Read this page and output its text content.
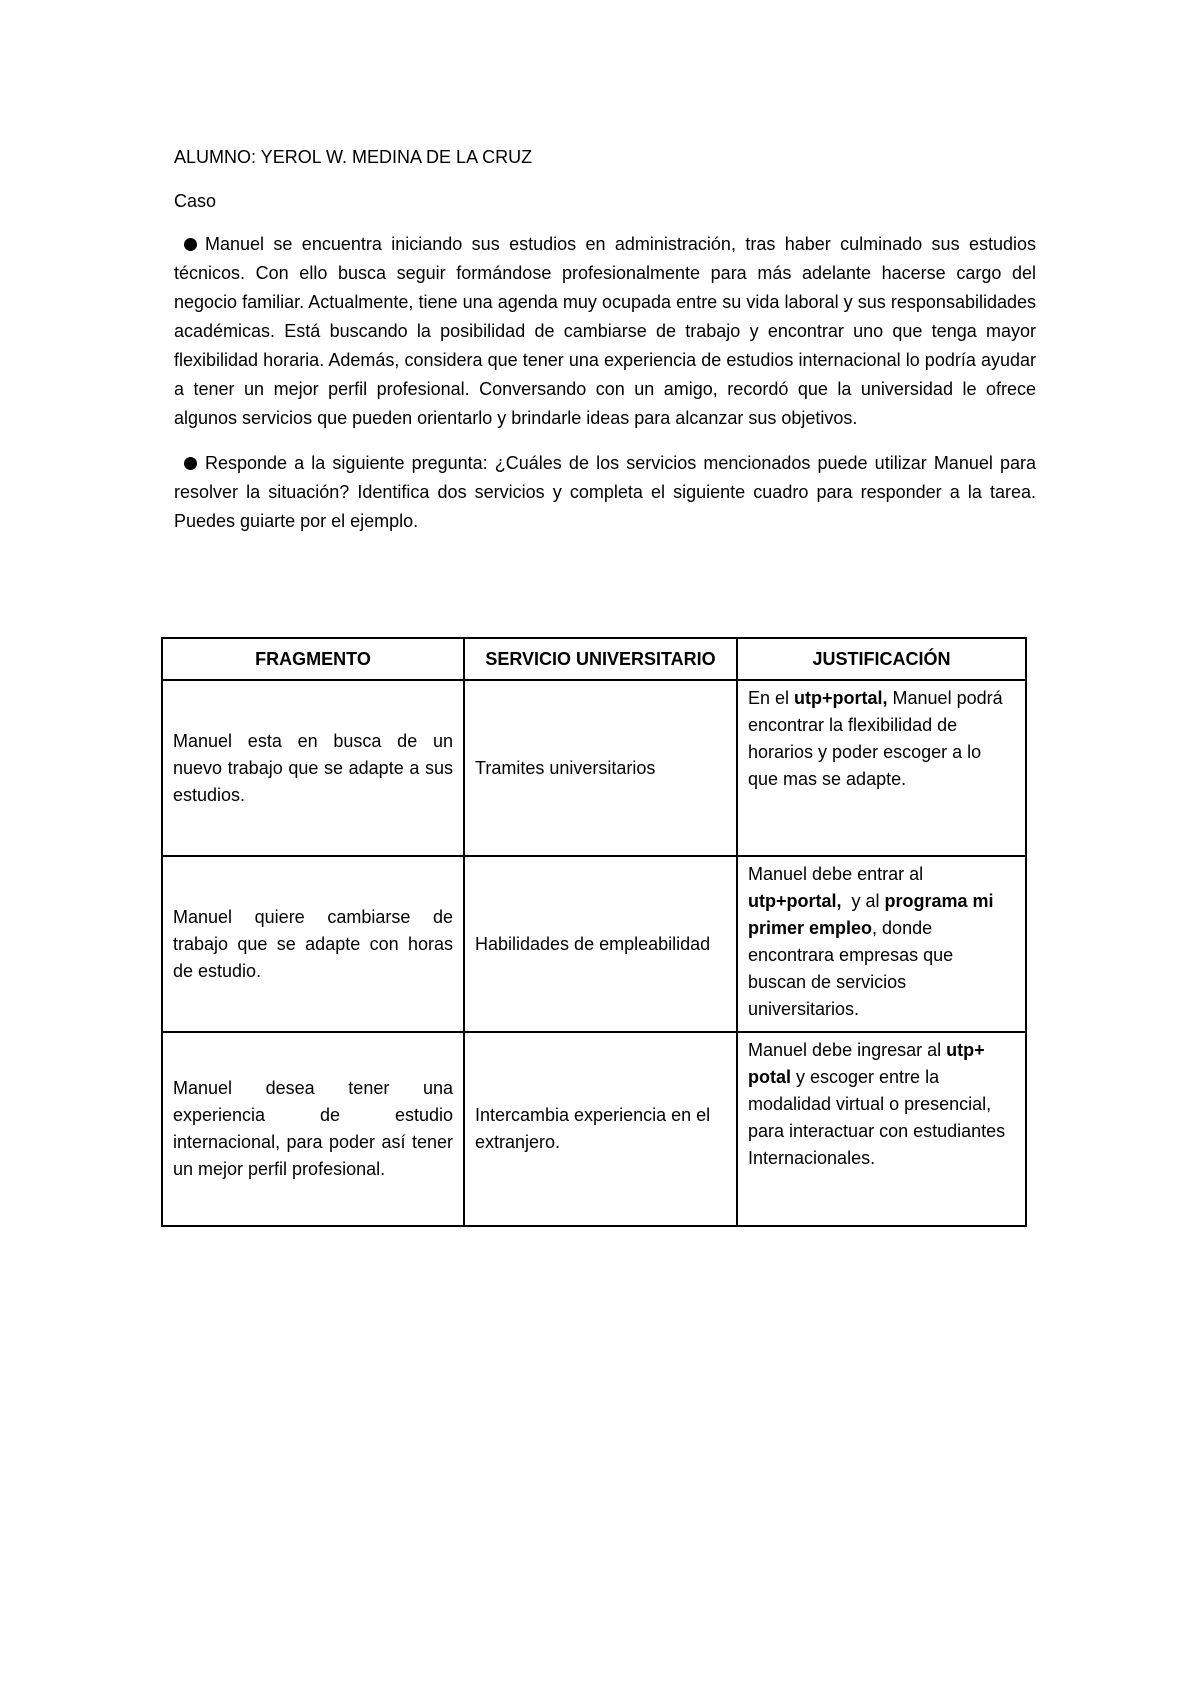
ALUMNO: YEROL W. MEDINA DE LA CRUZ

Caso

Manuel se encuentra iniciando sus estudios en administración, tras haber culminado sus estudios técnicos. Con ello busca seguir formándose profesionalmente para más adelante hacerse cargo del negocio familiar. Actualmente, tiene una agenda muy ocupada entre su vida laboral y sus responsabilidades académicas. Está buscando la posibilidad de cambiarse de trabajo y encontrar uno que tenga mayor flexibilidad horaria. Además, considera que tener una experiencia de estudios internacional lo podría ayudar a tener un mejor perfil profesional. Conversando con un amigo, recordó que la universidad le ofrece algunos servicios que pueden orientarlo y brindarle ideas para alcanzar sus objetivos.

Responde a la siguiente pregunta: ¿Cuáles de los servicios mencionados puede utilizar Manuel para resolver la situación? Identifica dos servicios y completa el siguiente cuadro para responder a la tarea. Puedes guiarte por el ejemplo.

FRAGMENTO	SERVICIO UNIVERSITARIO	JUSTIFICACIÓN
Manuel esta en busca de un nuevo trabajo que se adapte a sus estudios.	Tramites universitarios	En el utp+portal, Manuel podrá encontrar la flexibilidad de horarios y poder escoger a lo que mas se adapte.
Manuel quiere cambiarse de trabajo que se adapte con horas de estudio.	Habilidades de empleabilidad	Manuel debe entrar al utp+portal,  y al programa mi primer empleo, donde encontrara empresas que buscan de servicios universitarios.
Manuel desea tener una experiencia de estudio internacional, para poder así tener un mejor perfil profesional.	Intercambia experiencia en el extranjero.	Manuel debe ingresar al utp+ potal y escoger entre la modalidad virtual o presencial, para interactuar con estudiantes Internacionales.
